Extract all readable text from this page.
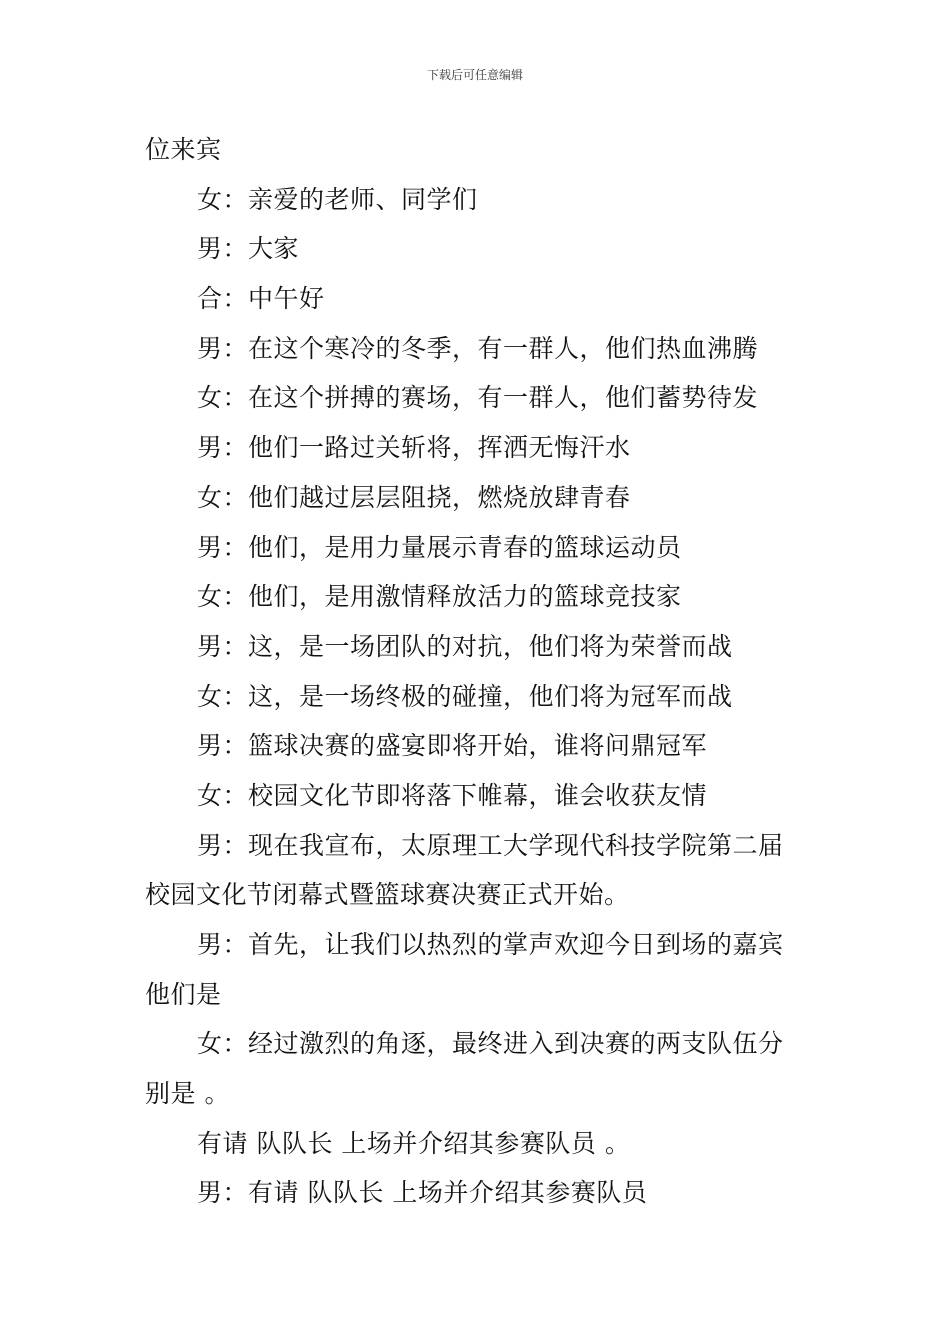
下载后可任意编辑
位来宾
女：亲爱的老师、同学们
男：大家
合：中午好
男：在这个寒冷的冬季，有一群人，他们热血沸腾
女：在这个拼搏的赛场，有一群人，他们蓄势待发
男：他们一路过关斩将，挥洒无悔汗水
女：他们越过层层阻挠，燃烧放肆青春
男：他们，是用力量展示青春的篮球运动员
女：他们，是用激情释放活力的篮球竞技家
男：这，是一场团队的对抗，他们将为荣誉而战
女：这，是一场终极的碰撞，他们将为冠军而战
男：篮球决赛的盛宴即将开始，谁将问鼎冠军
女：校园文化节即将落下帷幕，谁会收获友情
男：现在我宣布，太原理工大学现代科技学院第二届
校园文化节闭幕式暨篮球赛决赛正式开始。
男：首先，让我们以热烈的掌声欢迎今日到场的嘉宾
他们是
女：经过激烈的角逐，最终进入到决赛的两支队伍分
别是 。
有请 队队长 上场并介绍其参赛队员 。
男：有请 队队长 上场并介绍其参赛队员
